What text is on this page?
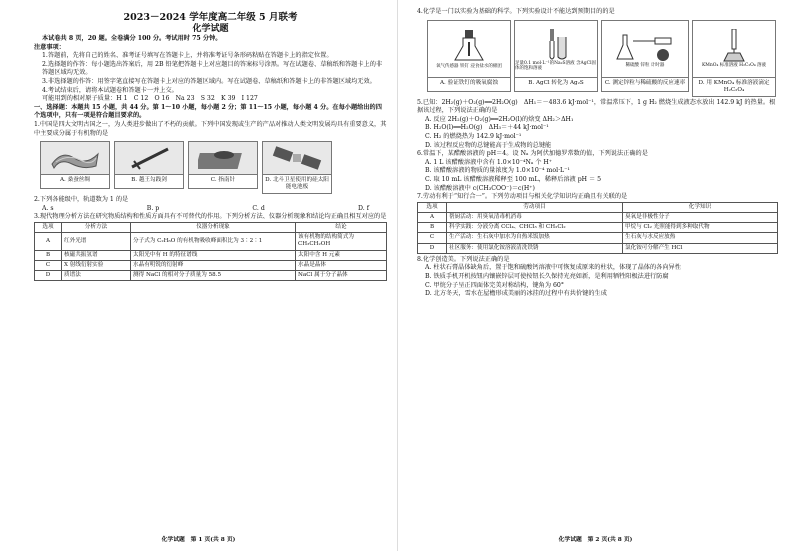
2023－2024 学年度高二年级 5 月联考
化学试题

本试卷共 8 页，20 题。全卷满分 100 分。考试用时 75 分钟。

注意事项：

1.答题前，先将自己的姓名、准考证号填写在答题卡上，并将准考证号条形码粘贴在答题卡上的指定位置。

2.选择题的作答：每小题选出答案后，用 2B 铅笔把答题卡上对应题目的答案标号涂黑。写在试题卷、草稿纸和答题卡上的非答题区域均无效。

3.非选择题的作答：用签字笔直接写在答题卡上对应的答题区域内。写在试题卷、草稿纸和答题卡上的非答题区域均无效。

4.考试结束后，请将本试题卷和答题卡一并上交。

可能用到的相对原子质量：H 1　C 12　O 16　Na 23　S 32　K 39　I 127

一、选择题：本题共 15 小题，共 44 分。第 1～10 小题，每小题 2 分；第 11～15 小题，每小题 4 分。在每小题给出的四个选项中，只有一项是符合题目要求的。

1.中国是四大文明古国之一，为人类进步做出了不朽的贡献。下列中国发现或生产的产品对推动人类文明发展均具有重要意义，其中主要成分属于有机物的是

A. 桑蚕丝绸	B. 越王勾践剑	C. 指南针	D. 北斗卫星使用的硅太阳能电池板

2.下列各能级中，轨道数为 1 的是

A. s	B. p	C. d	D. f

3.现代物理分析方法在研究物质结构和性质方面具有不可替代的作用。下列分析方法、仪器分析现象和结论均正确且相互对应的是

选项	分析方法	仪器分析现象	结论
A	红外光谱	分子式为 C₂H₆O 的有机物吸收峰面积比为 3∶2∶1	该有机物的结构简式为 CH₃CH₂OH
B	核磁共振氢谱	太阳光中有 H 的特征谱线	太阳中含 H 元素
C	X 射线衍射实验	水晶有明锐的衍射峰	水晶是晶体
D	质谱法	测得 NaCl 的相对分子质量为 58.5	NaCl 属于分子晶体
化学试题　第 1 页(共 8 页)

4.化学是一门以实验为基础的科学。下列实验设计不能达到预期目的的是

氧气传感器 铁钉 浸食盐水的棉团
A. 验证铁钉的吸氧腐蚀
足量0.1 mol·L⁻¹的Na₂S溶液 含AgCl固体的饱和溶液
B. AgCl 转化为 Ag₂S
稀硫酸 锌粒 计时器
C. 测定锌粒与稀硫酸的反应速率
KMnO₄ 标准溶液 H₂C₂O₄ 溶液
D. 用 KMnO₄ 标准溶液滴定 H₂C₂O₄

5.已知：2H₂(g)＋O₂(g)══2H₂O(g)　ΔH₁＝－483.6 kJ·mol⁻¹，常温常压下，1 g H₂ 燃烧生成液态水放出 142.9 kJ 的热量。根据该过程，下列说法正确的是

A. 反应 2H₂(g)＋O₂(g)══2H₂O(l)的焓变 ΔH₂＞ΔH₁

B. H₂O(l)══H₂O(g)　ΔH₃＝＋44 kJ·mol⁻¹

C. H₂ 的燃烧热为 142.9 kJ·mol⁻¹

D. 该过程反应物的总键能高于生成物的总键能

6.常温下，某醋酸溶液的 pH＝4。设 Nₐ 为阿伏加德罗常数的值，下列说法正确的是

A. 1 L 该醋酸溶液中含有 1.0×10⁻⁴Nₐ 个 H⁺

B. 该醋酸溶液的物质的量浓度为 1.0×10⁻⁴ mol·L⁻¹

C. 取 10 mL 该醋酸溶液稀释至 100 mL，稀释后溶液 pH ＝ 5

D. 该醋酸溶液中 c(CH₃COO⁻)＝c(H⁺)

7.劳动有利于“知行合一”。下列劳动项目与相关化学知识均正确且有关联的是

选项	劳动项目	化学知识
A	帮厨活动：用臭氧清毒机消毒	臭氧是非极性分子
B	科学实践：分液分离 CCl₄、CHCl₃ 和 CH₂Cl₂	甲烷与 Cl₂ 光照能得到多种取代物
C	生产活动：生石灰中加水为自热米饭加热	生石灰与水反应放热
D	社区服务：使用氯化铵溶液清洗铁锈	氯化铵可分解产生 HCl

8.化学创造美。下列说法正确的是

A. 柱状石膏晶体缺角后，置于饱和硫酸钙溶液中可恢复成原来的柱状，体现了晶体的各向异性

B. 铁质手机开机按钮内镶嵌锌层可使按钮长久保持光亮如新，是利用牺牲阳极法进行防腐

C. 甲烷分子呈正四面体完美对称结构，键角为 60°

D. 北方冬天，雪水在屋檐形成美丽的冰挂的过程中有共价键的生成

化学试题　第 2 页(共 8 页)
